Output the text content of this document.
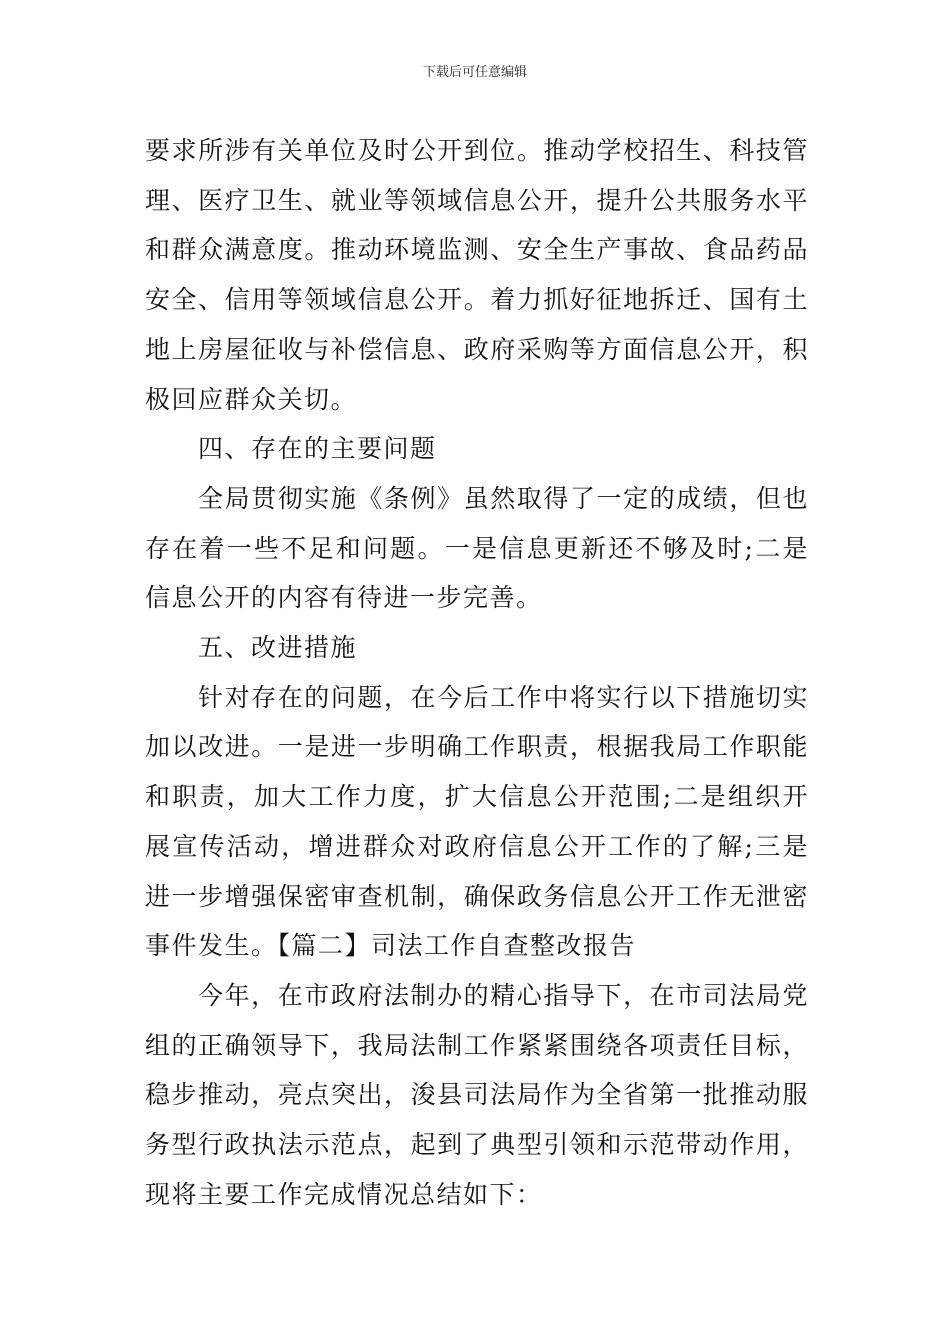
下载后可任意编辑

要求所涉有关单位及时公开到位。推动学校招生、科技管理、医疗卫生、就业等领域信息公开，提升公共服务水平和群众满意度。推动环境监测、安全生产事故、食品药品安全、信用等领域信息公开。着力抓好征地拆迁、国有土地上房屋征收与补偿信息、政府采购等方面信息公开，积极回应群众关切。

四、存在的主要问题

全局贯彻实施《条例》虽然取得了一定的成绩，但也存在着一些不足和问题。一是信息更新还不够及时;二是信息公开的内容有待进一步完善。

五、改进措施

针对存在的问题，在今后工作中将实行以下措施切实加以改进。一是进一步明确工作职责，根据我局工作职能和职责，加大工作力度，扩大信息公开范围;二是组织开展宣传活动，增进群众对政府信息公开工作的了解;三是进一步增强保密审查机制，确保政务信息公开工作无泄密事件发生。【篇二】司法工作自查整改报告

今年，在市政府法制办的精心指导下，在市司法局党组的正确领导下，我局法制工作紧紧围绕各项责任目标，稳步推动，亮点突出，浚县司法局作为全省第一批推动服务型行政执法示范点，起到了典型引领和示范带动作用，现将主要工作完成情况总结如下：
